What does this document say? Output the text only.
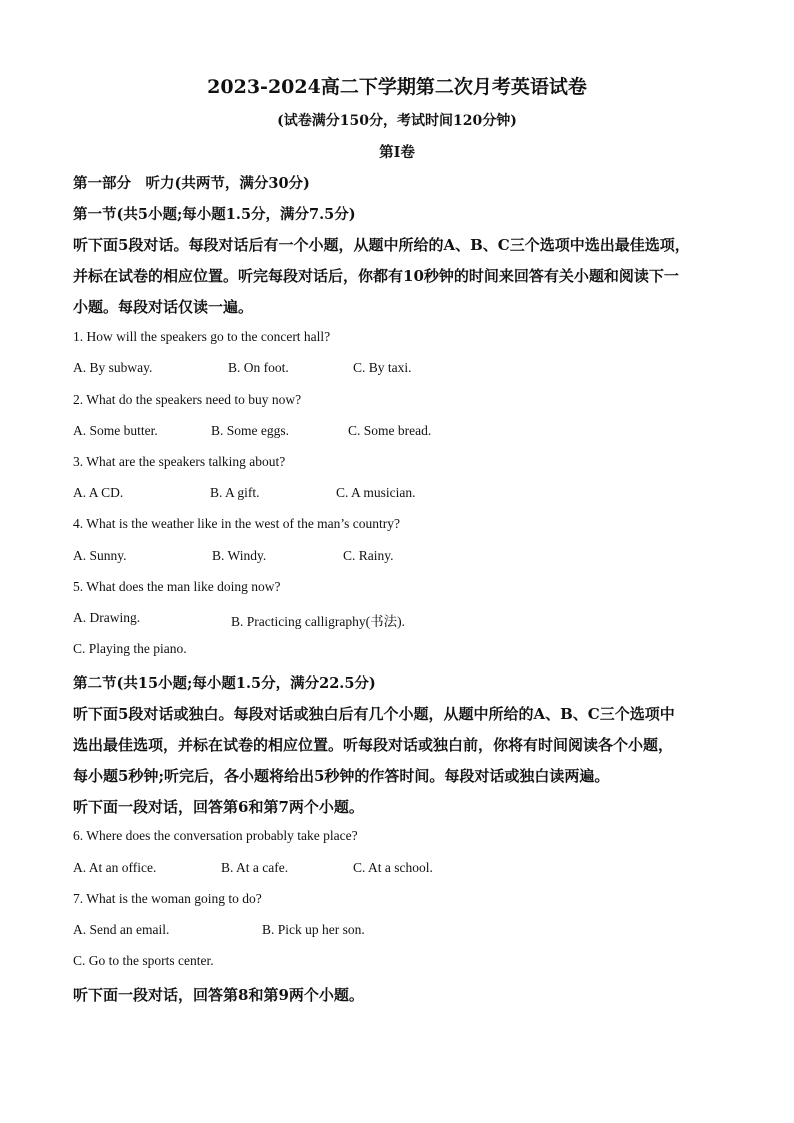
2023-2024高二下学期第二次月考英语试卷
(试卷满分150分，考试时间120分钟)
第I卷
第一部分　听力(共两节，满分30分)
第一节(共5小题;每小题1.5分，满分7.5分)
听下面5段对话。每段对话后有一个小题，从题中所给的A、B、C三个选项中选出最佳选项，
并标在试卷的相应位置。听完每段对话后，你都有10秒钟的时间来回答有关小题和阅读下一
小题。每段对话仅读一遍。
1. How will the speakers go to the concert hall?
A. By subway.	B. On foot.	C. By taxi.
2. What do the speakers need to buy now?
A. Some butter.	B. Some eggs.	C. Some bread.
3. What are the speakers talking about?
A. A CD.	B. A gift.	C. A musician.
4. What is the weather like in the west of the man’s country?
A. Sunny.	B. Windy.	C. Rainy.
5. What does the man like doing now?
A. Drawing.	B. Practicing calligraphy(书法).
C. Playing the piano.
第二节(共15小题;每小题1.5分，满分22.5分)
听下面5段对话或独白。每段对话或独白后有几个小题，从题中所给的A、B、C三个选项中
选出最佳选项，并标在试卷的相应位置。听每段对话或独白前，你将有时间阅读各个小题，
每小题5秒钟;听完后，各小题将给出5秒钟的作答时间。每段对话或独白读两遍。
听下面一段对话，回答第6和第7两个小题。
6. Where does the conversation probably take place?
A. At an office.	B. At a cafe.	C. At a school.
7. What is the woman going to do?
A. Send an email.	B. Pick up her son.
C. Go to the sports center.
听下面一段对话，回答第8和第9两个小题。
